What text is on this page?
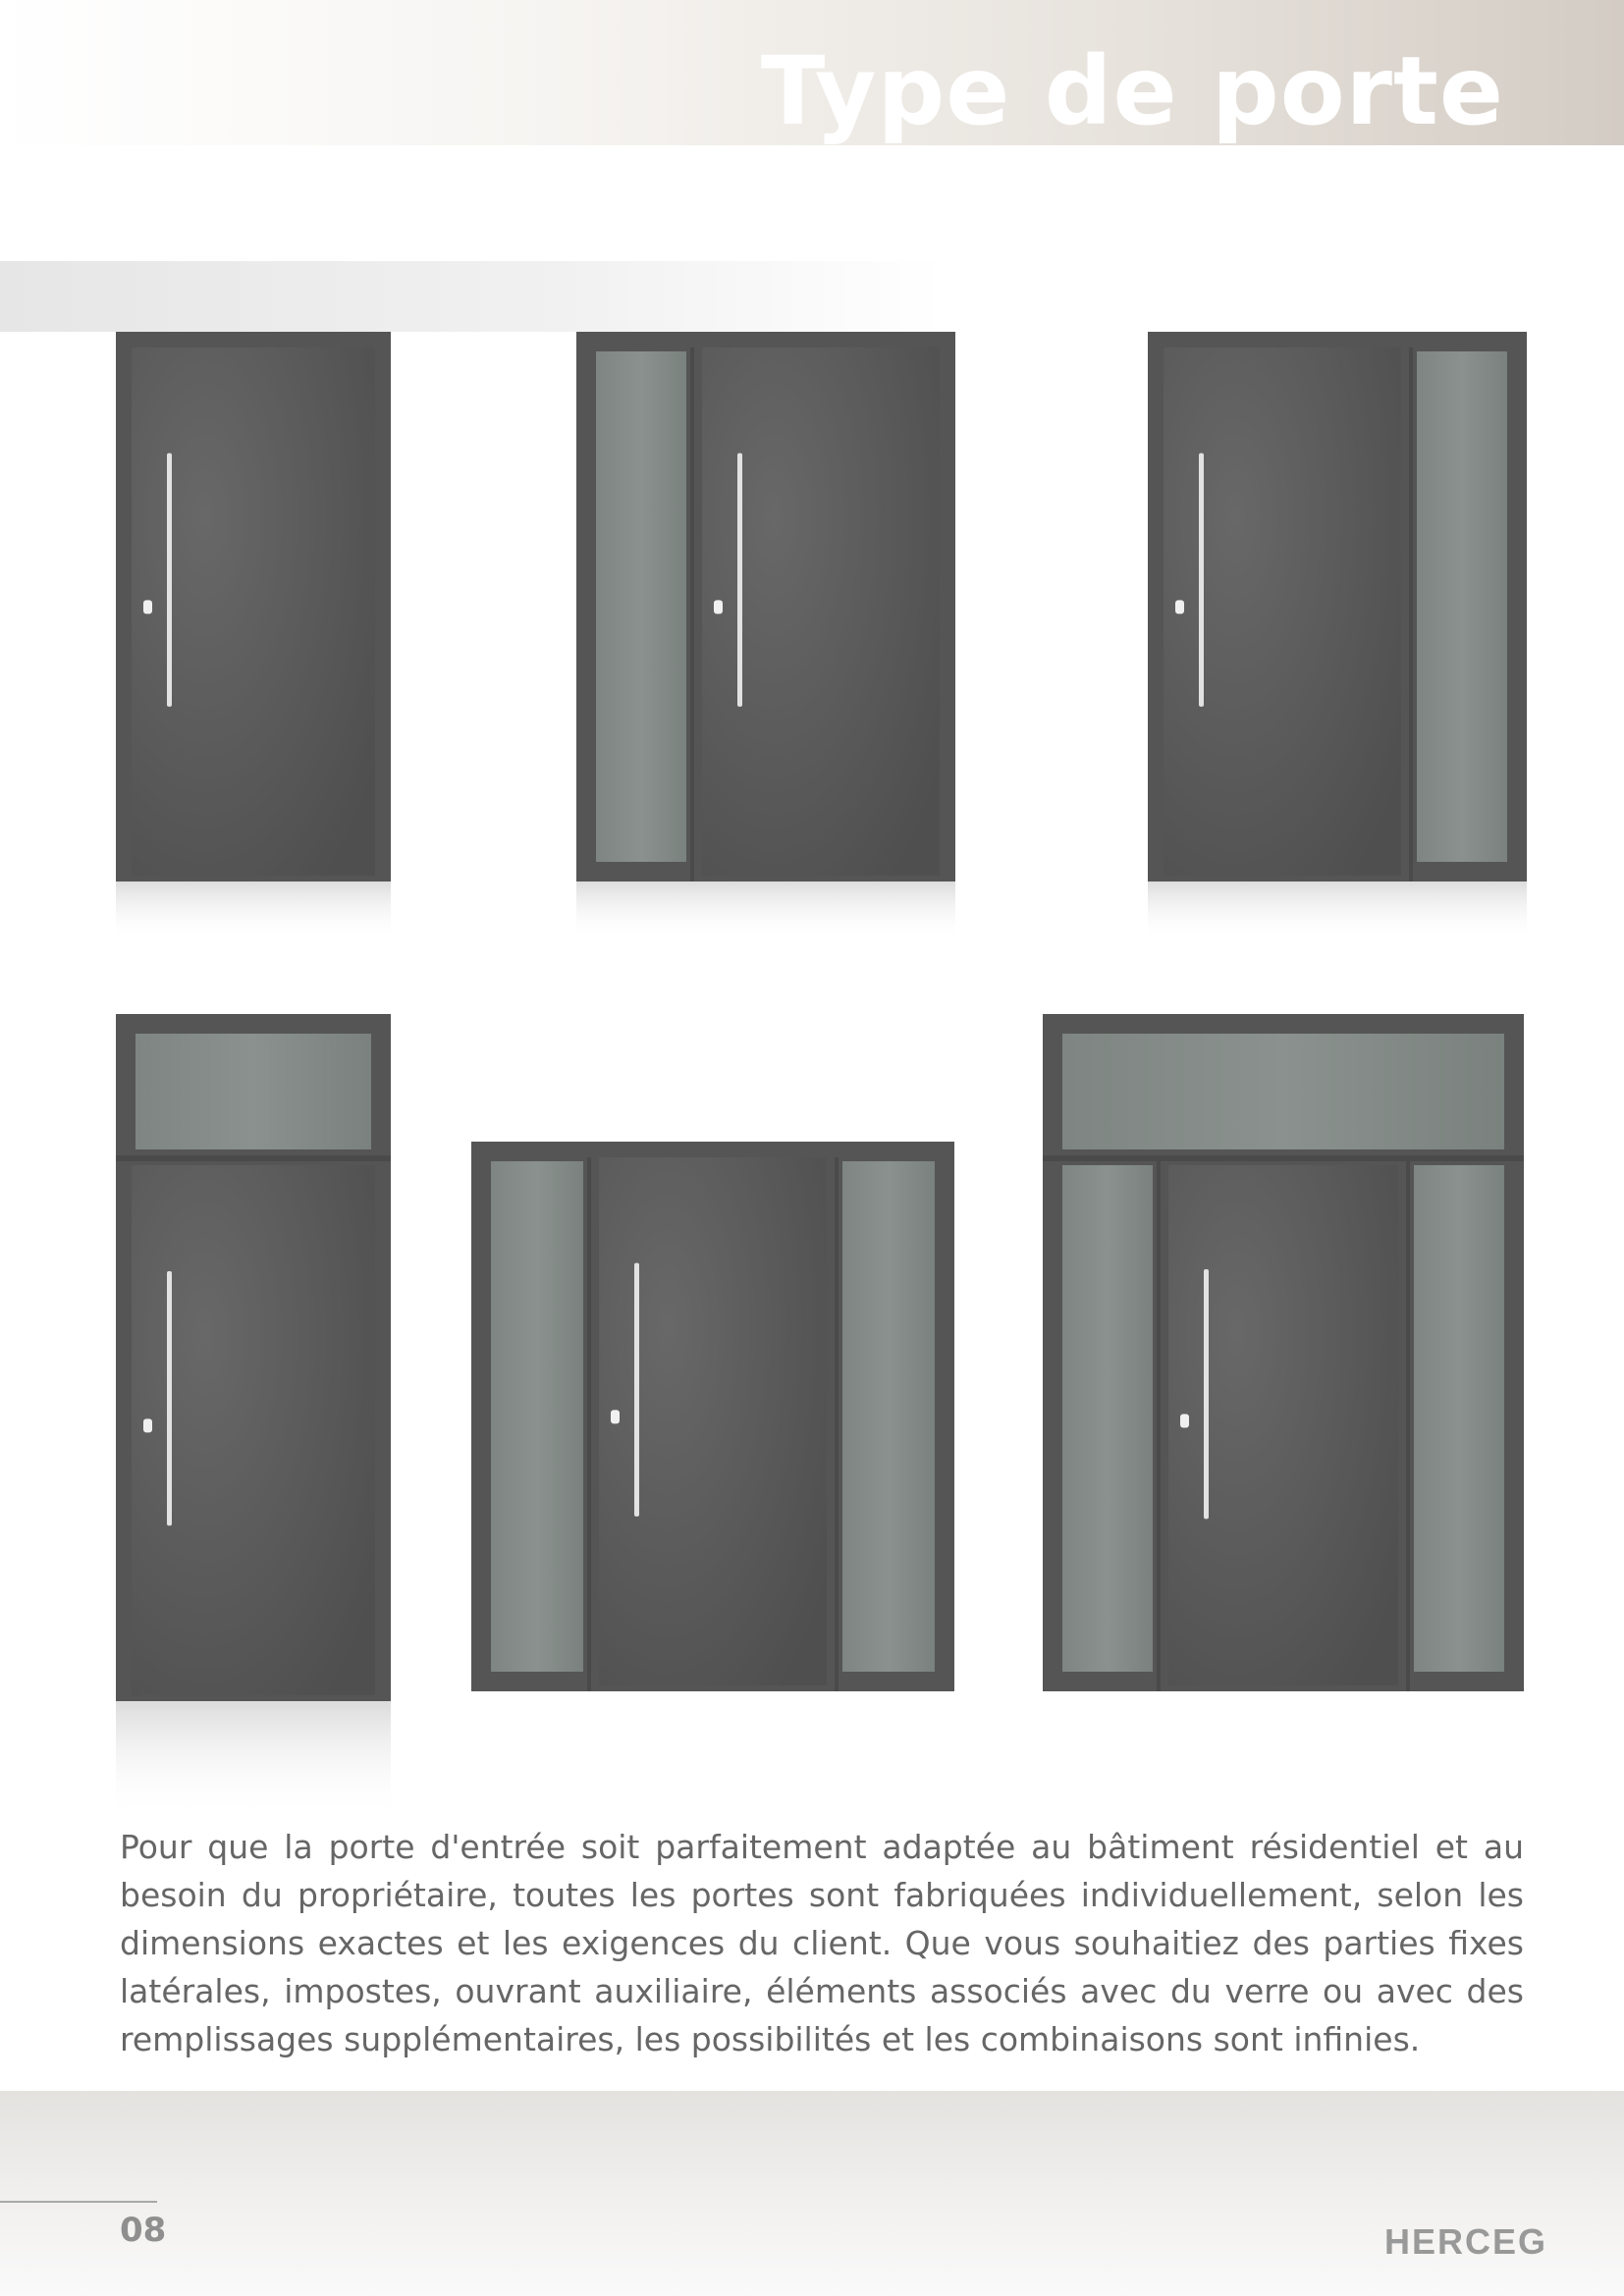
Type de porte

Pour que la porte d'entrée soit parfaitement adaptée au bâtiment résidentiel et au besoin du propriétaire, toutes les portes sont fabriquées individuellement, selon les dimensions exactes et les exigences du client. Que vous souhaitiez des parties fixes latérales, impostes, ouvrant auxiliaire, éléments associés avec du verre ou avec des remplissages supplémentaires, les possibilités et les combinaisons sont infinies.

08	HERCEG
